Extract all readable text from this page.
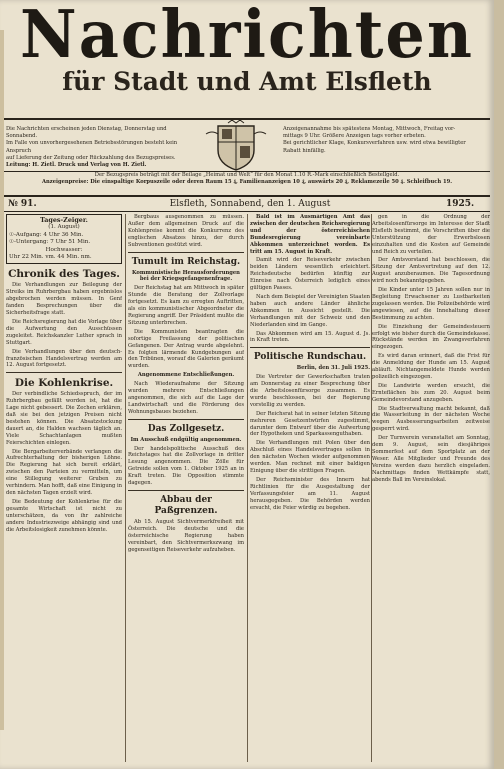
Nachrichten
für Stadt und Amt Elsfleth
Die Nachrichten erscheinen jeden Dienstag, Donnerstag und Sonnabend.
Im Falle von unvorhergesehenen Betriebsstörungen besteht kein Anspruch
auf Lieferung der Zeitung oder Rückzahlung des Bezugspreises.
Leitung: H. Zietl. Druck und Verlag von H. Zietl.
Anzeigenannahme bis spätestens Montag, Mittwoch, Freitag vor-
mittags 9 Uhr. Größere Anzeigen tags vorher erbeten.
Bei gerichtlicher Klage, Konkursverfahren usw. wird etwa bewilligter
Rabatt hinfällig.
Der Bezugspreis beträgt mit der Beilage „Heimat und Welt“ für den Monat 1.10 R.-Mark einschließlich Bestellgeld.
Anzeigenpreise: Die einspaltige Korpuszeile oder deren Raum 15 ₰, Familienanzeigen 10 ₰, auswärts 20 ₰, Reklamezeile 50 ₰. Schleifbuch 19.
№ 91.	Elsfleth, Sonnabend, den 1. August	1925.
Tages-Zeiger.
(1. August)
☉-Aufgang: 4 Uhr 36 Min.
☉-Untergang: 7 Uhr 51 Min.
Hochwasser:
Uhr 22 Min. vm. 44 Min. nm.
Chronik des Tages.

Die Verhandlungen zur Beilegung der Streiks im Ruhrbergbau haben ergebnislos abgebrochen werden müssen. In Genf fanden Besprechungen über die Sicherheitsfrage statt.

Die Reichsregierung hat die Vorlage über die Aufwertung den Ausschüssen zugeleitet. Reichskanzler Luther sprach in Stuttgart.

Die Verhandlungen über den deutsch-französischen Handelsvertrag werden am 12. August fortgesetzt.

Die Kohlenkrise.

Der verbindliche Schiedsspruch, der im Ruhrbergbau gefällt worden ist, hat die Lage nicht gebessert. Die Zechen erklären, daß sie bei den jetzigen Preisen nicht bestehen können. Die Absatzstockung dauert an, die Halden wachsen täglich an. Viele Schachtanlagen mußten Feierschichten einlegen.

Die Bergarbeiterverbände verlangen die Aufrechterhaltung der bisherigen Löhne. Die Regierung hat sich bereit erklärt, zwischen den Parteien zu vermitteln, um eine Stillegung weiterer Gruben zu verhindern. Man hofft, daß eine Einigung in den nächsten Tagen erzielt wird.

Die Bedeutung der Kohlenkrise für die gesamte Wirtschaft ist nicht zu unterschätzen, da von ihr zahlreiche andere Industriezweige abhängig sind und die Arbeitslosigkeit zunehmen könnte.

Bergbaus ausgenommen zu müssen. Außer dem allgemeinen Druck auf die Kohlenpreise kommt die Konkurrenz des englischen Absatzes hinzu, der durch Subventionen gestützt wird.

Tumult im Reichstag.
Kommunistische Herausforderungen bei der Kriegsgefangenenfrage.

Der Reichstag hat am Mittwoch in später Stunde die Beratung der Zollvorlage fortgesetzt. Es kam zu erregten Auftritten, als ein kommunistischer Abgeordneter die Regierung angriff. Der Präsident mußte die Sitzung unterbrechen.

Die Kommunisten beantragten die sofortige Freilassung der politischen Gefangenen. Der Antrag wurde abgelehnt. Es folgten lärmende Kundgebungen auf den Tribünen, worauf die Galerien geräumt wurden.

Angenommene Entschließungen.

Nach Wiederaufnahme der Sitzung wurden mehrere Entschließungen angenommen, die sich auf die Lage der Landwirtschaft und die Förderung des Wohnungsbaues beziehen.

Das Zollgesetz.
Im Ausschuß endgültig angenommen.

Der handelspolitische Ausschuß des Reichstages hat die Zollvorlage in dritter Lesung angenommen. Die Zölle für Getreide sollen vom 1. Oktober 1925 an in Kraft treten. Die Opposition stimmte dagegen.

Abbau der Paßgrenzen.

Ab 15. August Sichtvermerkfreiheit mit Österreich. Die deutsche und die österreichische Regierung haben vereinbart, den Sichtvermerkszwang im gegenseitigen Reiseverkehr aufzuheben.

Bald ist im Ausmärtigen Amt das zwischen der deutschen Reichsregierung und der österreichischen Bundesregierung vereinbarte Abkommen unterzeichnet worden. Es tritt am 15. August in Kraft.

Damit wird der Reiseverkehr zwischen beiden Ländern wesentlich erleichtert. Reichsdeutsche bedürfen künftig zur Einreise nach Österreich lediglich eines gültigen Passes.

Nach dem Beispiel der Vereinigten Staaten haben auch andere Länder ähnliche Abkommen in Aussicht gestellt. Die Verhandlungen mit der Schweiz und den Niederlanden sind im Gange.

Das Abkommen wird am 15. August d. Js. in Kraft treten.

Politische Rundschau.
Berlin, den 31. Juli 1925.

Die Vertreter der Gewerkschaften traten am Donnerstag zu einer Besprechung über die Arbeitslosenfürsorge zusammen. Es wurde beschlossen, bei der Regierung vorstellig zu werden.

Der Reichsrat hat in seiner letzten Sitzung mehreren Gesetzentwürfen zugestimmt, darunter dem Entwurf über die Aufwertung der Hypotheken und Sparkassenguthaben.

Die Verhandlungen mit Polen über den Abschluß eines Handelsvertrages sollen in den nächsten Wochen wieder aufgenommen werden. Man rechnet mit einer baldigen Einigung über die strittigen Fragen.

Der Reichsminister des Innern hat Richtlinien für die Ausgestaltung der Verfassungsfeier am 11. August herausgegeben. Die Behörden werden ersucht, die Feier würdig zu begehen.

gen in die Ordnung der Arbeitslosenfürsorge im Interesse der Stadt Elsfleth bestimmt, die Vorschriften über die Unterstützung der Erwerbslosen einzuhalten und die Kosten auf Gemeinde und Reich zu verteilen.

Der Amtsvorstand hat beschlossen, die Sitzung der Amtsvertretung auf den 12. August anzuberaumen. Die Tagesordnung wird noch bekanntgegeben.

Die Kinder unter 15 Jahren sollen nur in Begleitung Erwachsener zu Lustbarkeiten zugelassen werden. Die Polizeibehörde wird angewiesen, auf die Innehaltung dieser Bestimmung zu achten.

Die Einziehung der Gemeindesteuern erfolgt wie bisher durch die Gemeindekasse. Rückstände werden im Zwangsverfahren eingezogen.

Es wird daran erinnert, daß die Frist für die Anmeldung der Hunde am 15. August abläuft. Nichtangemeldete Hunde werden polizeilich eingezogen.

Die Landwirte werden ersucht, die Ernteflächen bis zum 20. August beim Gemeindevorstand anzugeben.

Die Stadtverwaltung macht bekannt, daß die Wasserleitung in der nächsten Woche wegen Ausbesserungsarbeiten zeitweise gesperrt wird.

Der Turnverein veranstaltet am Sonntag, dem 9. August, sein diesjähriges Sommerfest auf dem Sportplatz an der Weser. Alle Mitglieder und Freunde des Vereins werden dazu herzlich eingeladen. Nachmittags finden Wettkämpfe statt, abends Ball im Vereinslokal.
